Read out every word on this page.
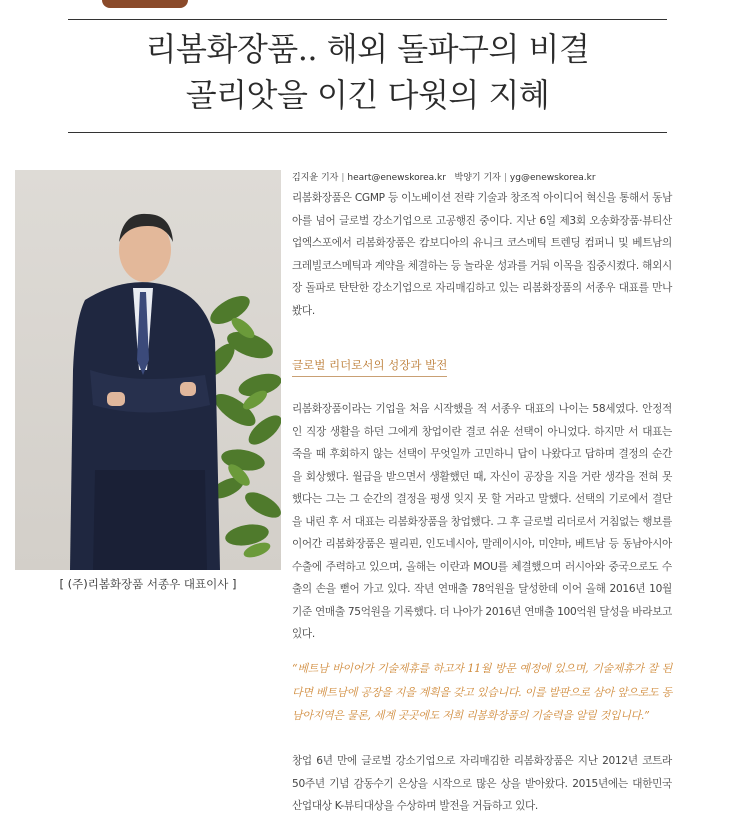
리봄화장품.. 해외 돌파구의 비결
골리앗을 이긴 다윗의 지혜
[ (주)리봄화장품 서종우 대표이사 ]
김지윤 기자 | heart@enewskorea.kr 박양기 기자 | yg@enewskorea.kr

리봄화장품은 CGMP 등 이노베이션 전략 기술과 창조적 아이디어 혁신을 통해서 동남아를 넘어 글로벌 강소기업으로 고공행진 중이다. 지난 6일 제3회 오송화장품·뷰티산업엑스포에서 리봄화장품은 캄보디아의 유니크 코스메틱 트렌딩 컴퍼니 및 베트남의 크레빌코스메틱과 계약을 체결하는 등 놀라운 성과를 거둬 이목을 집중시켰다. 해외시장 돌파로 탄탄한 강소기업으로 자리매김하고 있는 리봄화장품의 서종우 대표를 만나봤다.

글로벌 리더로서의 성장과 발전

리봄화장품이라는 기업을 처음 시작했을 적 서종우 대표의 나이는 58세였다. 안정적인 직장 생활을 하던 그에게 창업이란 결코 쉬운 선택이 아니었다. 하지만 서 대표는 죽을 때 후회하지 않는 선택이 무엇일까 고민하니 답이 나왔다고 답하며 결정의 순간을 회상했다. 월급을 받으면서 생활했던 때, 자신이 공장을 지을 거란 생각을 전혀 못 했다는 그는 그 순간의 결정을 평생 잊지 못 할 거라고 말했다. 선택의 기로에서 결단을 내린 후 서 대표는 리봄화장품을 창업했다. 그 후 글로벌 리더로서 거침없는 행보를 이어간 리봄화장품은 필리핀, 인도네시아, 말레이시아, 미얀마, 베트남 등 동남아시아 수출에 주력하고 있으며, 올해는 이란과 MOU를 체결했으며 러시아와 중국으로도 수출의 손을 뻗어 가고 있다. 작년 연매출 78억원을 달성한데 이어 올해 2016년 10월 기준 연매출 75억원을 기록했다. 더 나아가 2016년 연매출 100억원 달성을 바라보고 있다.

“베트남 바이어가 기술제휴를 하고자 11월 방문 예정에 있으며, 기술제휴가 잘 된다면 베트남에 공장을 지을 계획을 갖고 있습니다. 이를 발판으로 삼아 앞으로도 동남아지역은 물론, 세계 곳곳에도 저희 리봄화장품의 기술력을 알릴 것입니다.”

창업 6년 만에 글로벌 강소기업으로 자리매김한 리봄화장품은 지난 2012년 코트라 50주년 기념 감동수기 은상을 시작으로 많은 상을 받아왔다. 2015년에는 대한민국 산업대상 K-뷰티대상을 수상하며 발전을 거듭하고 있다.
